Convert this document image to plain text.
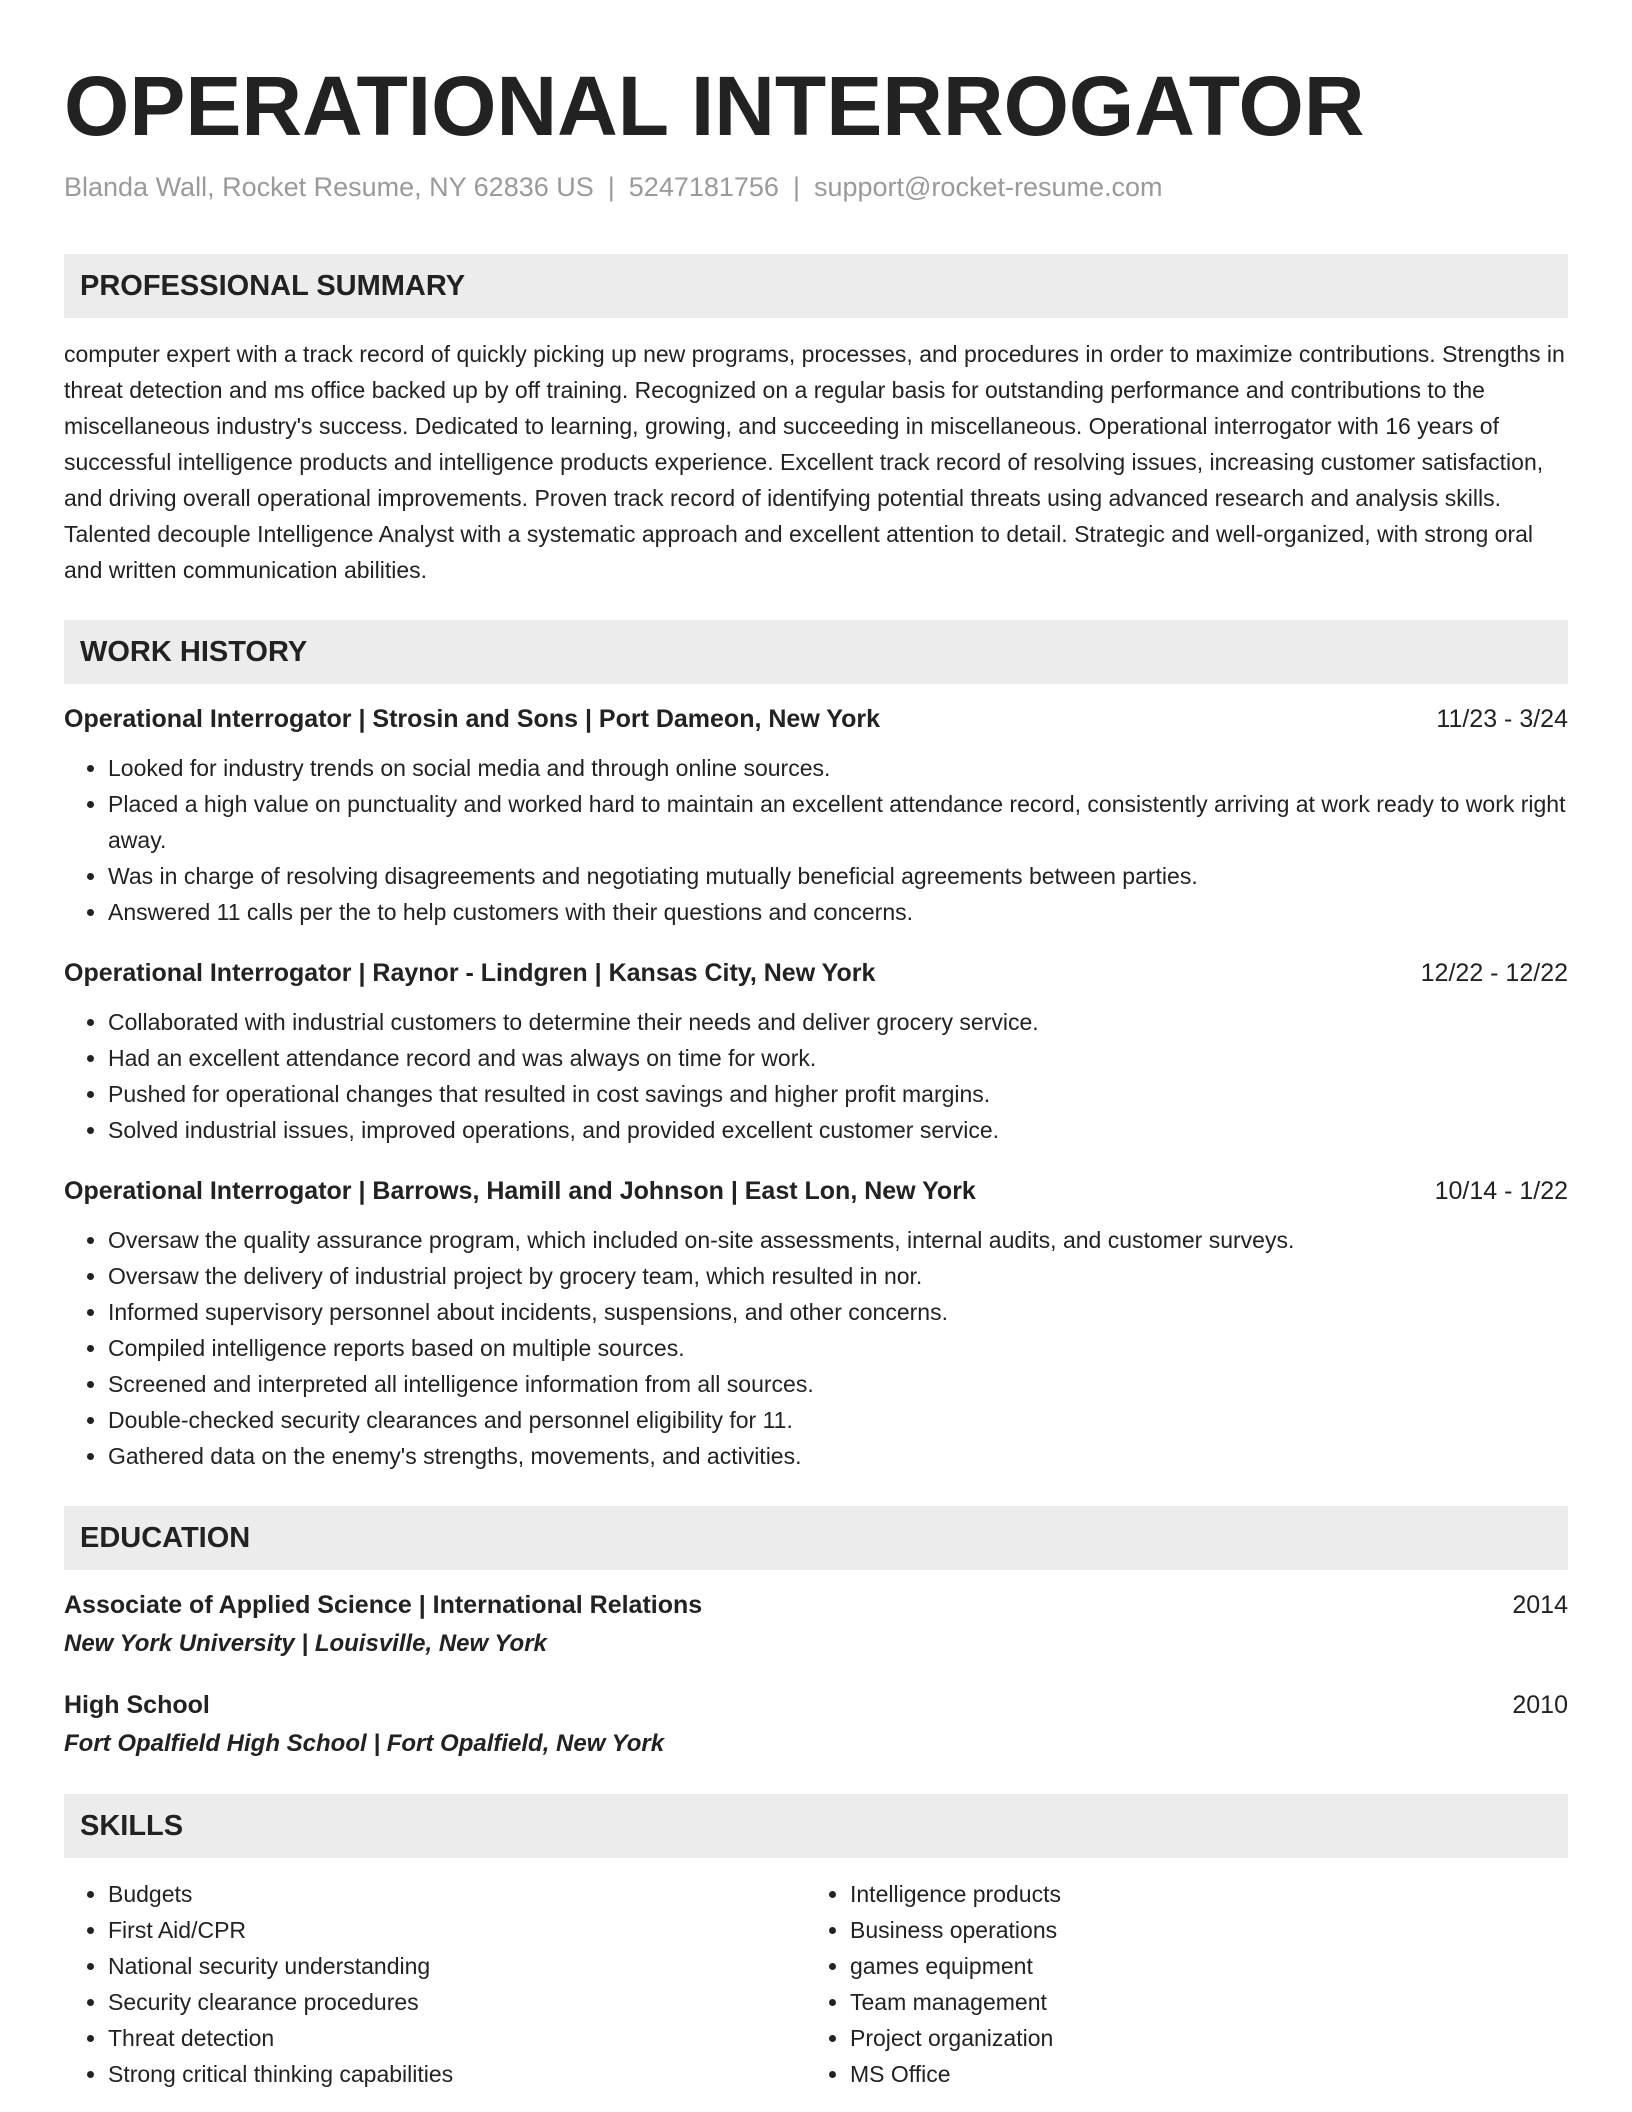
OPERATIONAL INTERROGATOR
Blanda Wall, Rocket Resume, NY 62836 US | 5247181756 | support@rocket-resume.com
PROFESSIONAL SUMMARY

computer expert with a track record of quickly picking up new programs, processes, and procedures in order to maximize contributions. Strengths in threat detection and ms office backed up by off training. Recognized on a regular basis for outstanding performance and contributions to the miscellaneous industry's success. Dedicated to learning, growing, and succeeding in miscellaneous. Operational interrogator with 16 years of successful intelligence products and intelligence products experience. Excellent track record of resolving issues, increasing customer satisfaction, and driving overall operational improvements. Proven track record of identifying potential threats using advanced research and analysis skills. Talented decouple Intelligence Analyst with a systematic approach and excellent attention to detail. Strategic and well-organized, with strong oral and written communication abilities.

WORK HISTORY
Operational Interrogator | Strosin and Sons | Port Dameon, New York	11/23 - 3/24
• Looked for industry trends on social media and through online sources.
• Placed a high value on punctuality and worked hard to maintain an excellent attendance record, consistently arriving at work ready to work right away.
• Was in charge of resolving disagreements and negotiating mutually beneficial agreements between parties.
• Answered 11 calls per the to help customers with their questions and concerns.
Operational Interrogator | Raynor - Lindgren | Kansas City, New York	12/22 - 12/22
• Collaborated with industrial customers to determine their needs and deliver grocery service.
• Had an excellent attendance record and was always on time for work.
• Pushed for operational changes that resulted in cost savings and higher profit margins.
• Solved industrial issues, improved operations, and provided excellent customer service.
Operational Interrogator | Barrows, Hamill and Johnson | East Lon, New York	10/14 - 1/22
• Oversaw the quality assurance program, which included on-site assessments, internal audits, and customer surveys.
• Oversaw the delivery of industrial project by grocery team, which resulted in nor.
• Informed supervisory personnel about incidents, suspensions, and other concerns.
• Compiled intelligence reports based on multiple sources.
• Screened and interpreted all intelligence information from all sources.
• Double-checked security clearances and personnel eligibility for 11.
• Gathered data on the enemy's strengths, movements, and activities.
EDUCATION
Associate of Applied Science | International Relations	2014
New York University | Louisville, New York
High School	2010
Fort Opalfield High School | Fort Opalfield, New York
SKILLS
• Budgets
• First Aid/CPR
• National security understanding
• Security clearance procedures
• Threat detection
• Strong critical thinking capabilities
• Intelligence products
• Business operations
• games equipment
• Team management
• Project organization
• MS Office
